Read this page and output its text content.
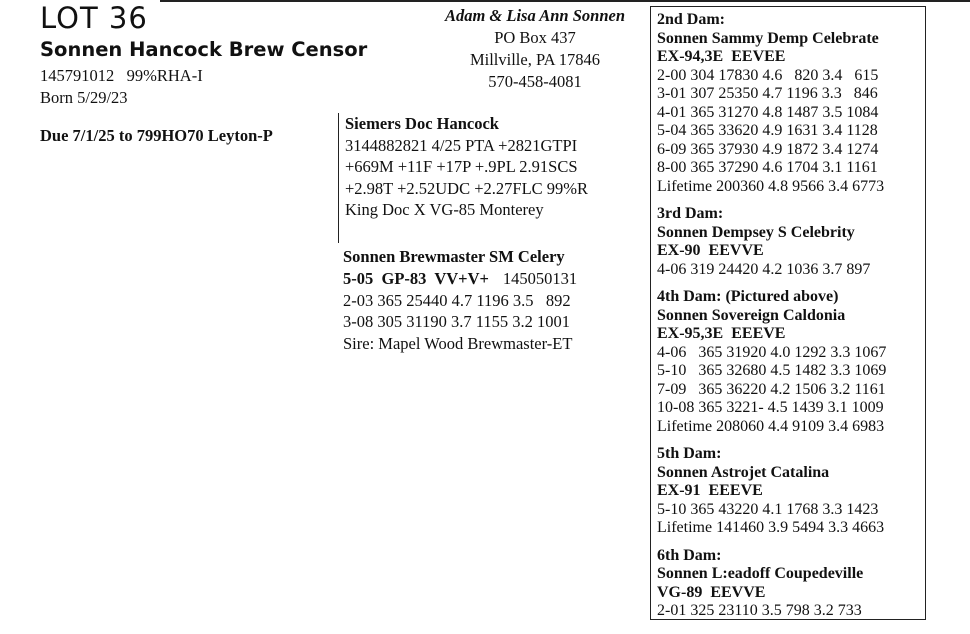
LOT 36
Sonnen Hancock Brew Censor
145791012   99%RHA-I
Born 5/29/23
Due 7/1/25 to 799HO70 Leyton-P
Adam & Lisa Ann Sonnen
PO Box 437
Millville, PA 17846
570-458-4081
Siemers Doc Hancock
3144882821 4/25 PTA +2821GTPI
+669M +11F +17P +.9PL 2.91SCS
+2.98T +2.52UDC +2.27FLC 99%R
King Doc X VG-85 Monterey
Sonnen Brewmaster SM Celery
5-05  GP-83  VV+V+ 145050131
2-03 365 25440 4.7 1196 3.5   892
3-08 305 31190 3.7 1155 3.2 1001
Sire: Mapel Wood Brewmaster-ET
2nd Dam:
Sonnen Sammy Demp Celebrate
EX-94,3E  EEVEE
2-00 304 17830 4.6   820 3.4   615
3-01 307 25350 4.7 1196 3.3   846
4-01 365 31270 4.8 1487 3.5 1084
5-04 365 33620 4.9 1631 3.4 1128
6-09 365 37930 4.9 1872 3.4 1274
8-00 365 37290 4.6 1704 3.1 1161
Lifetime 200360 4.8 9566 3.4 6773
3rd Dam:
Sonnen Dempsey S Celebrity
EX-90  EEVVE
4-06 319 24420 4.2 1036 3.7 897
4th Dam: (Pictured above)
Sonnen Sovereign Caldonia
EX-95,3E  EEEVE
4-06   365 31920 4.0 1292 3.3 1067
5-10   365 32680 4.5 1482 3.3 1069
7-09   365 36220 4.2 1506 3.2 1161
10-08 365 3221- 4.5 1439 3.1 1009
Lifetime 208060 4.4 9109 3.4 6983
5th Dam:
Sonnen Astrojet Catalina
EX-91  EEEVE
5-10 365 43220 4.1 1768 3.3 1423
Lifetime 141460 3.9 5494 3.3 4663
6th Dam:
Sonnen L:eadoff Coupedeville
VG-89  EEVVE
2-01 325 23110 3.5 798 3.2 733
